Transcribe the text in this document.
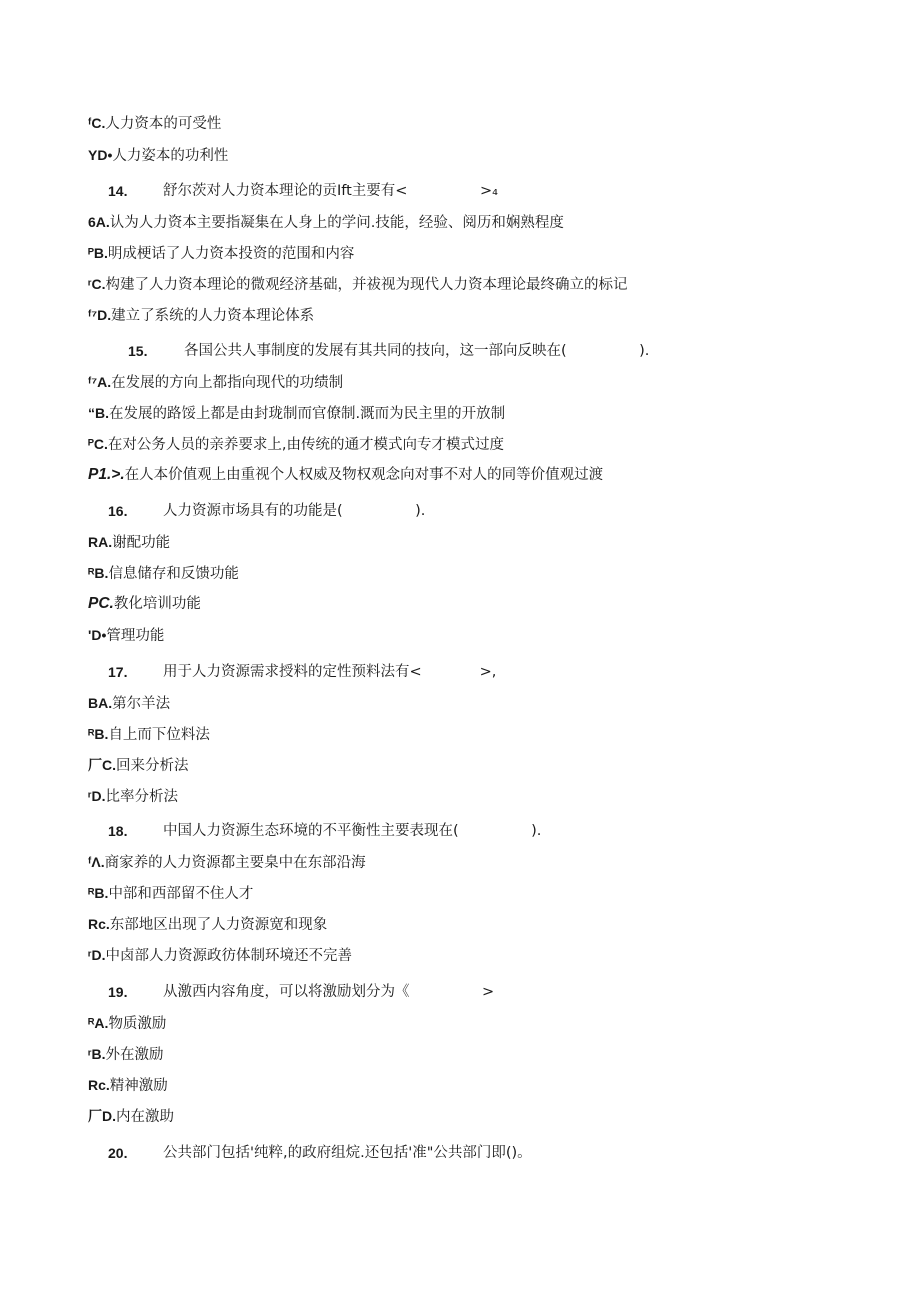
ᶠC.人力资本的可受性
YD•人力姿本的功利性
14. 舒尔茨对人力资本理论的贡Ift主要有<　　　　　>₄
6A.认为人力资本主要指凝集在人身上的学问.技能，经验、阅历和娴熟程度
ᴾB.明成梗话了人力资本投资的范围和内容
ʳC.构建了人力资本理论的微观经济基础，并祓视为现代人力资本理论最终确立的标记
ᶠ⁷D.建立了系统的人力资本理论体系
15.	各国公共人事制度的发展有其共同的技向，这一部向反映在(　　　　　).
ᶠ⁷A.在发展的方向上都指向现代的功绩制
“B.在发展的路馁上都是由封珑制而官僚制.溉而为民主里的开放制
ᴾC.在对公务人员的亲养要求上,由传统的通才模式向专才模式过度
P1.>.在人本价值观上由重视个人权威及物权观念向对事不对人的同等价值观过渡
16. 人力资源市场具有的功能是(　　　　　).
RA.谢配功能
ᴿB.信息储存和反馈功能
PC.教化培训功能
'D•管理功能
17. 用于人力资源需求授料的定性预料法有<　　　　>,
BA.第尔羊法
ᴿB.自上而下位料法
厂C.回来分析法
ʳD.比率分析法
18. 中国人力资源生态环境的不平衡性主要表现在(　　　　　).
ᶠΛ.商家养的人力资源都主要臬中在东部沿海
ᴿB.中部和西部留不住人才
Rc.东部地区出现了人力资源宽和现象
ʳD.中卤部人力资源政彷体制环境还不完善
19. 从激西内容角度，可以将激励划分为《　　　　　>
ᴿA.物质激励
ʳB.外在激励
Rc.精神激励
厂D.内在激助
20. 公共部门包括'纯粹,的政府组烷.还包括'准"公共部门即()。
